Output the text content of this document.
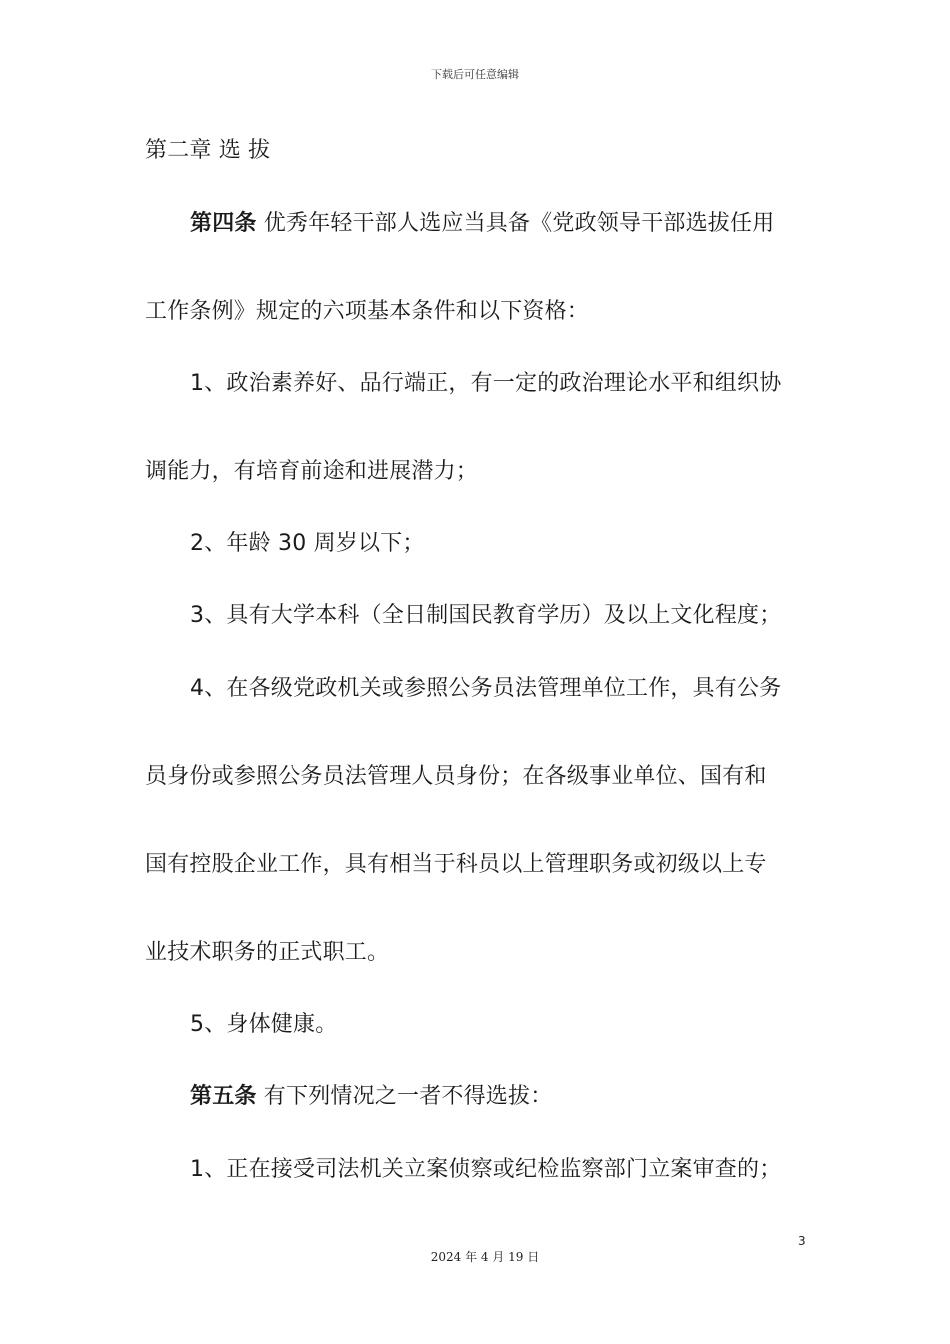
下载后可任意编辑
第二章 选 拔
第四条 优秀年轻干部人选应当具备《党政领导干部选拔任用
工作条例》规定的六项基本条件和以下资格：
1、政治素养好、品行端正，有一定的政治理论水平和组织协
调能力，有培育前途和进展潜力；
2、年龄 30 周岁以下；
3、具有大学本科（全日制国民教育学历）及以上文化程度；
4、在各级党政机关或参照公务员法管理单位工作，具有公务
员身份或参照公务员法管理人员身份；在各级事业单位、国有和
国有控股企业工作，具有相当于科员以上管理职务或初级以上专
业技术职务的正式职工。
5、身体健康。
第五条 有下列情况之一者不得选拔：
1、正在接受司法机关立案侦察或纪检监察部门立案审查的；
3
2024 年 4 月 19 日
